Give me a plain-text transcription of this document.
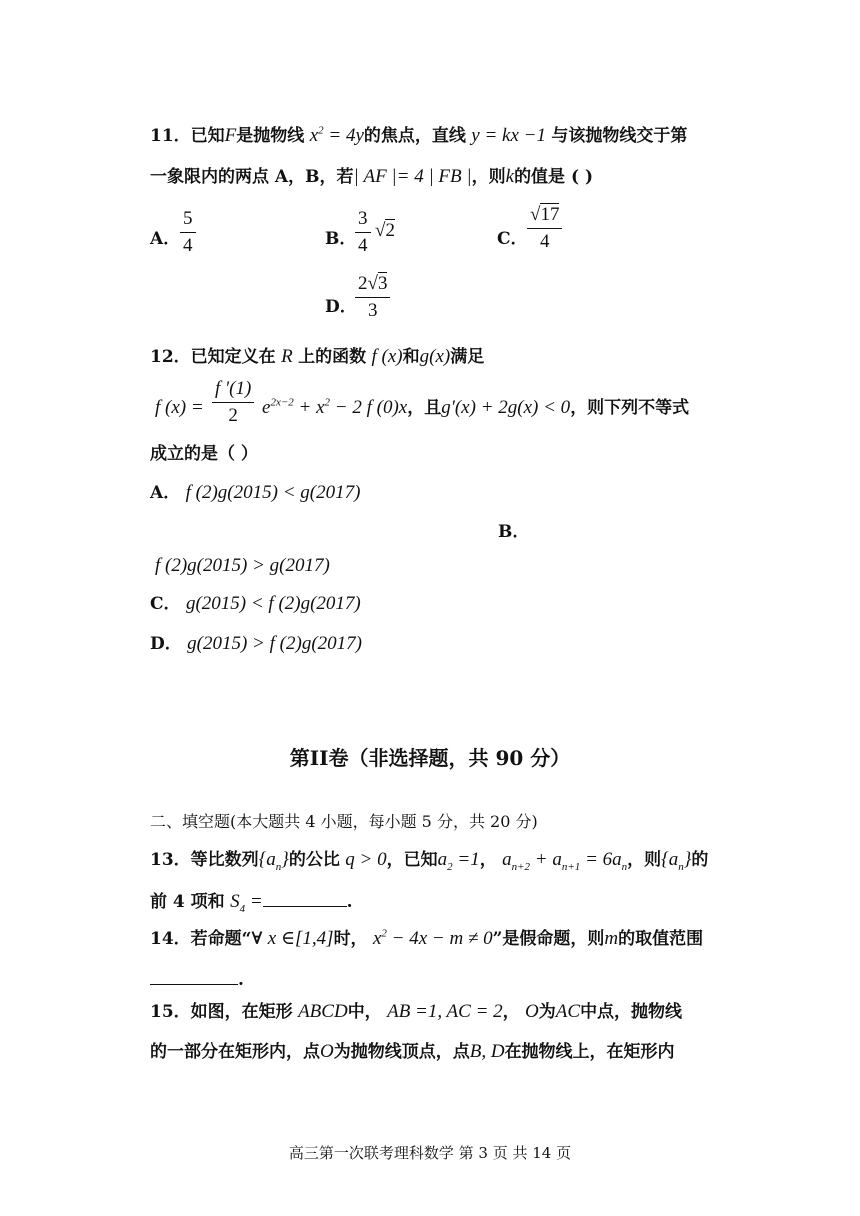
11．已知F是抛物线 $x^2 = 4y$的焦点，直线 y = kx −1 与该抛物线交于第
一象限内的两点 A，B，若| AF |= 4 | FB |，则k的值是 ( )
A．
5
4	B．
3
4
√2	C．
√17
4
D．
2√3
3
12．已知定义在 R 上的函数 f (x)和g(x)满足
f (x) =
f ′(1)
2	$e^{2x-2} + x^2 - 2$ f (0)x，且g′(x) + 2g(x) < 0，则下列不等式
成立的是（ ）
A． f (2)g(2015) < g(2017)
B．
f (2)g(2015) > g(2017)
C． g(2015) < f (2)g(2017)
D． g(2015) > f (2)g(2017)
第II卷（非选择题，共 90 分）
二、填空题(本大题共 4 小题，每小题 5 分，共 20 分)
13．等比数列$\{a_n\}$的公比 q > 0，已知$a_2 =1$， $a_{n+2} + a_{n+1} = 6a_n$，则$\{a_n\}$的
前 4 项和 $S_4$ =	.
14．若命题“∀ x ∈[1,4]时， $x^2 - 4x - m \ne 0$”是假命题，则m的取值范围
.
15．如图，在矩形 ABCD中， AB =1, AC = 2， O为AC中点，抛物线
的一部分在矩形内，点O为抛物线顶点，点B, D在抛物线上，在矩形内
高三第一次联考理科数学 第 3 页 共 14 页
